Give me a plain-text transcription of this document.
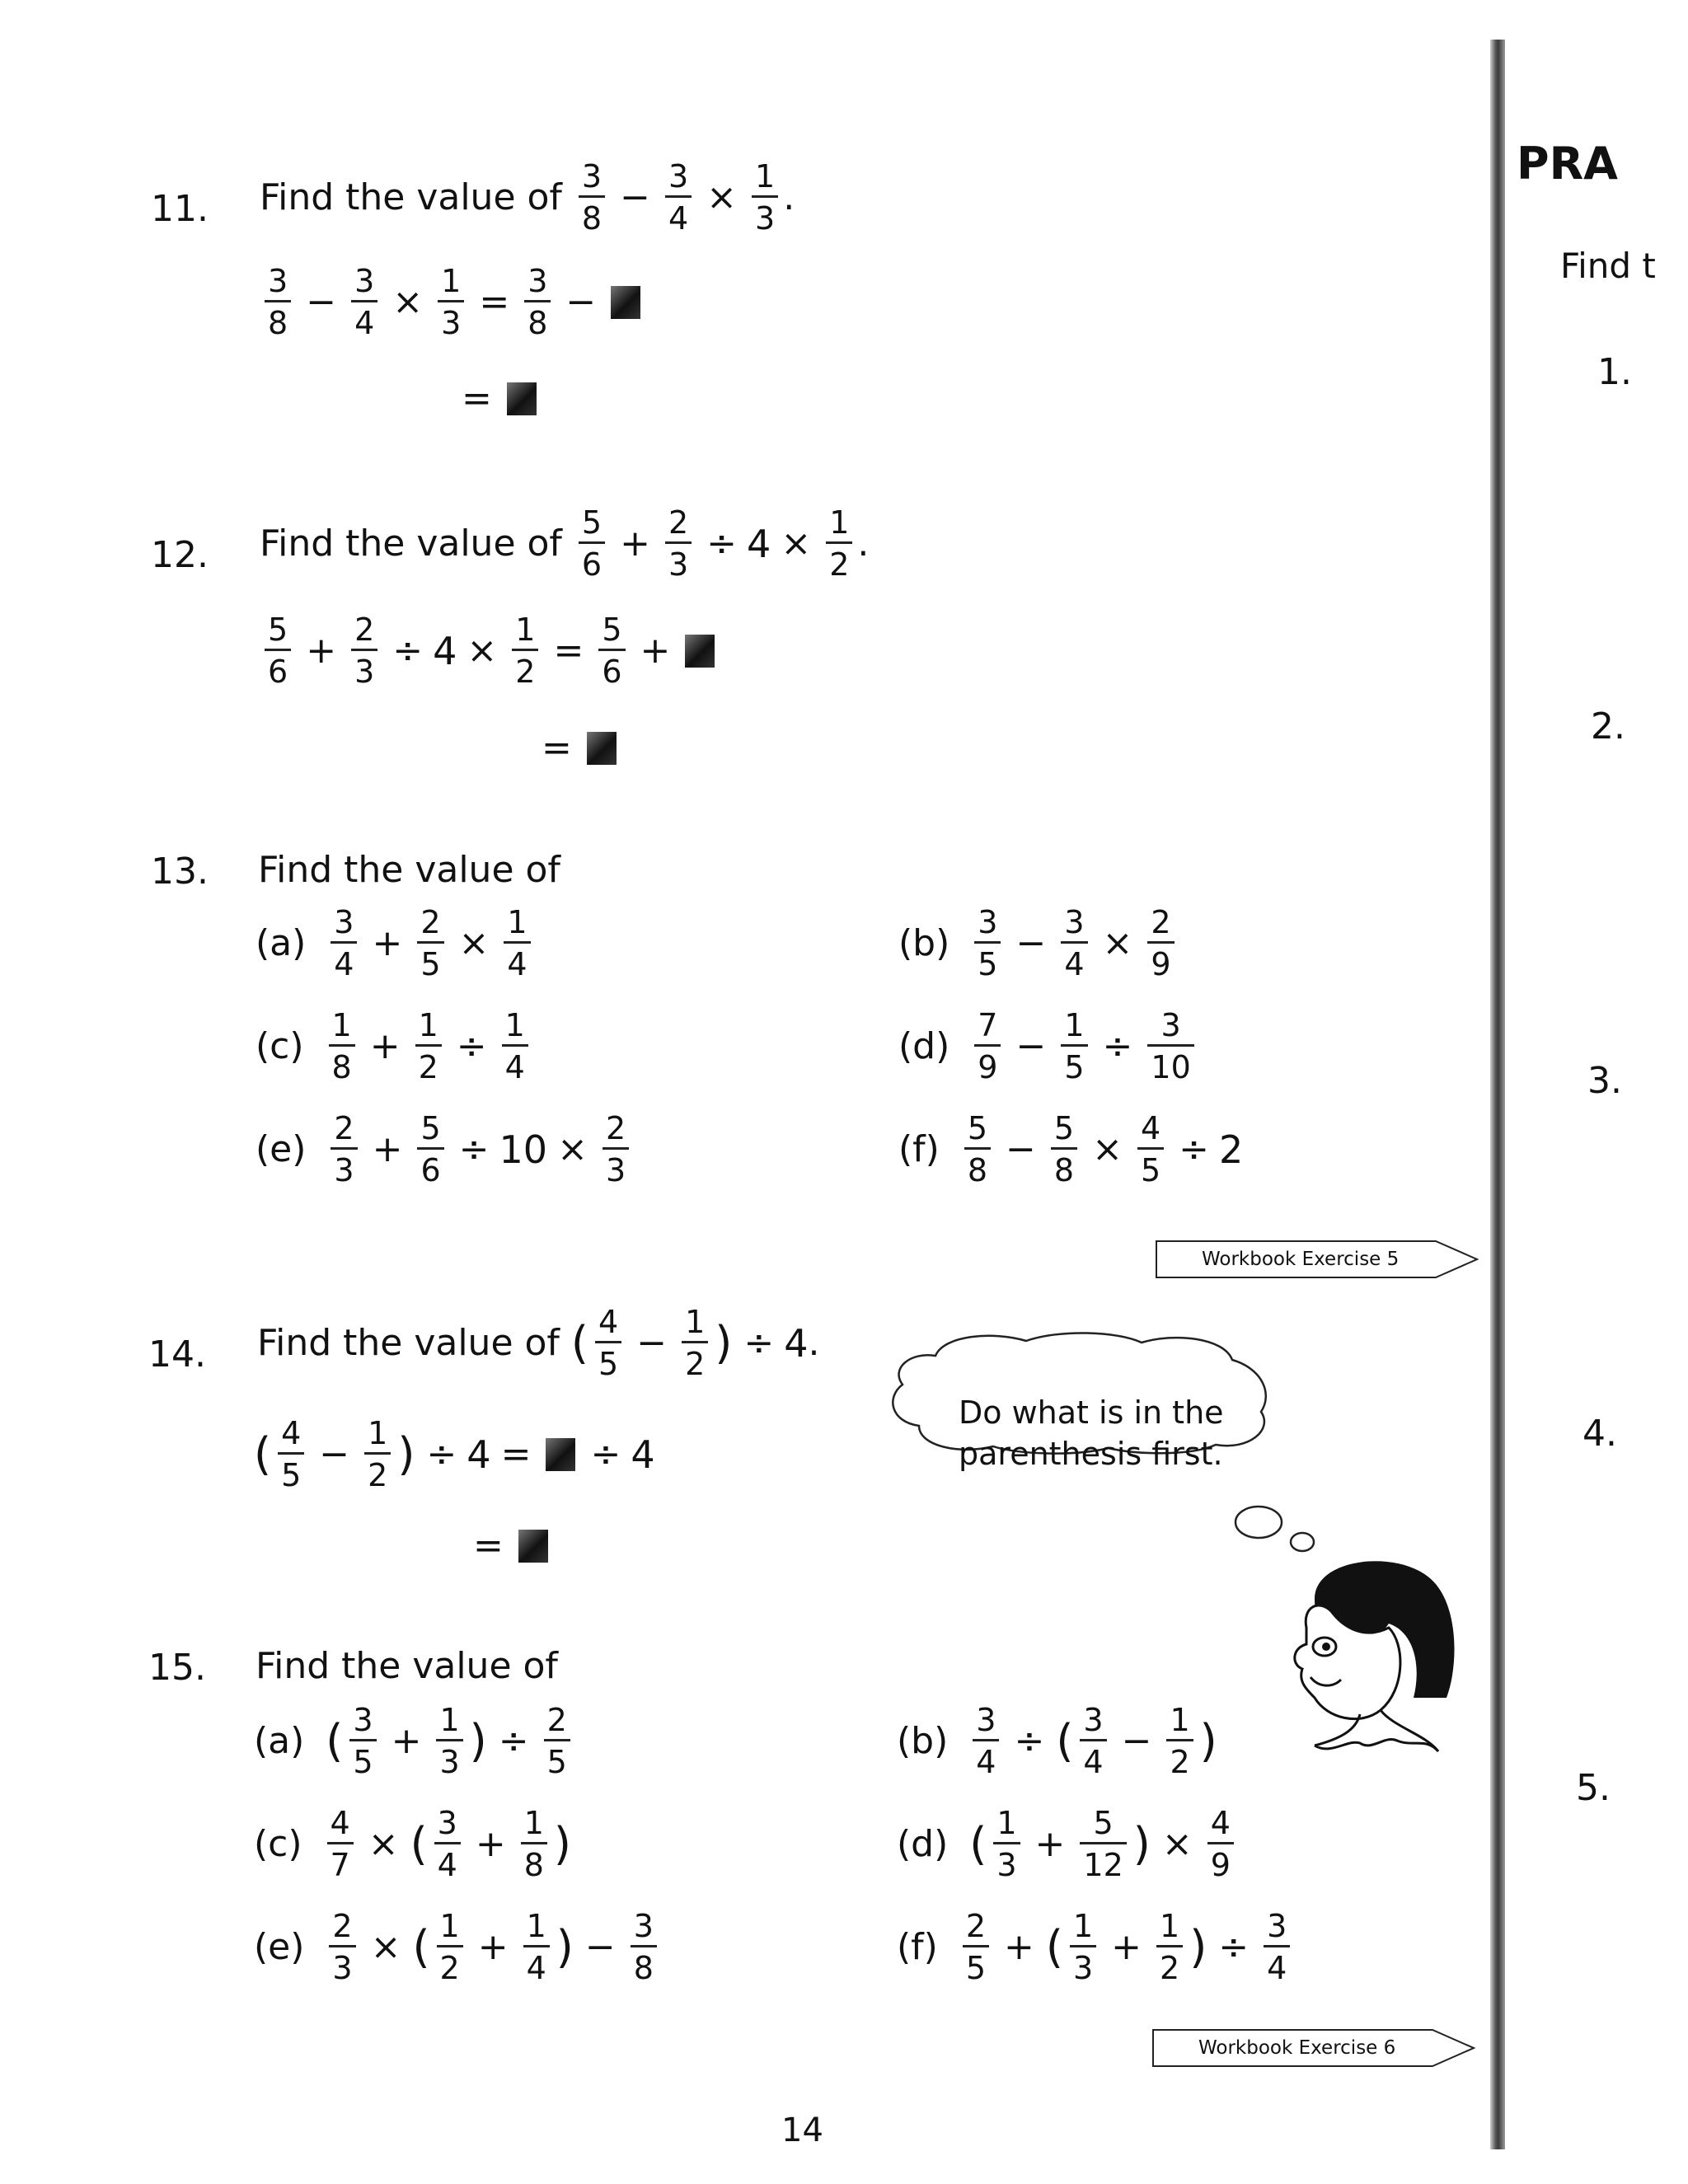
11. Find the value of $\frac{3}{8} - \frac{3}{4} \times \frac{1}{3}$ .
$\frac{3}{8} - \frac{3}{4} \times \frac{1}{3} = \frac{3}{8}$ −
=
12. Find the value of $\frac{5}{6} + \frac{2}{3} \div 4 \times \frac{1}{2}$ .
$\frac{5}{6} + \frac{2}{3} \div 4 \times \frac{1}{2} = \frac{5}{6}$ +
=
13. Find the value of
$(a) \frac{3}{4} + \frac{2}{5} \times \frac{1}{4}$	$(b) \frac{3}{5} - \frac{3}{4} \times \frac{2}{9}$
$(c) \frac{1}{8} + \frac{1}{2} \div \frac{1}{4}$	$(d) \frac{7}{9} - \frac{1}{5} \div \frac{3}{10}$
$(e) \frac{2}{3} + \frac{5}{6} \div 10 \times \frac{2}{3}$	$(f) \frac{5}{8} - \frac{5}{8} \times \frac{4}{5} \div 2$
Workbook Exercise 5
14. Find the value of ( $\frac{4}{5} - \frac{1}{2}$ ) ÷ 4 .
( $\frac{4}{5} - \frac{1}{2}$ ) ÷ 4 = ÷ 4
=
Do what is in the
parenthesis first.
15. Find the value of
(a) ( $\frac{3}{5} + \frac{1}{3}$ ) ÷ $\frac{2}{5}$	$(b) \frac{3}{4}$ ÷ ( $\frac{3}{4} - \frac{1}{2}$ )
$(c) \frac{4}{7}$ × ( $\frac{3}{4} + \frac{1}{8}$ )	(d) ( $\frac{1}{3} + \frac{5}{12}$ ) × $\frac{4}{9}$
$(e) \frac{2}{3}$ × ( $\frac{1}{2} + \frac{1}{4}$ ) − $\frac{3}{8}$	$(f) \frac{2}{5}$ + ( $\frac{1}{3} + \frac{1}{2}$ ) ÷ $\frac{3}{4}$
Workbook Exercise 6
14
PRA
Find t
1.
2.
3.
4.
5.
